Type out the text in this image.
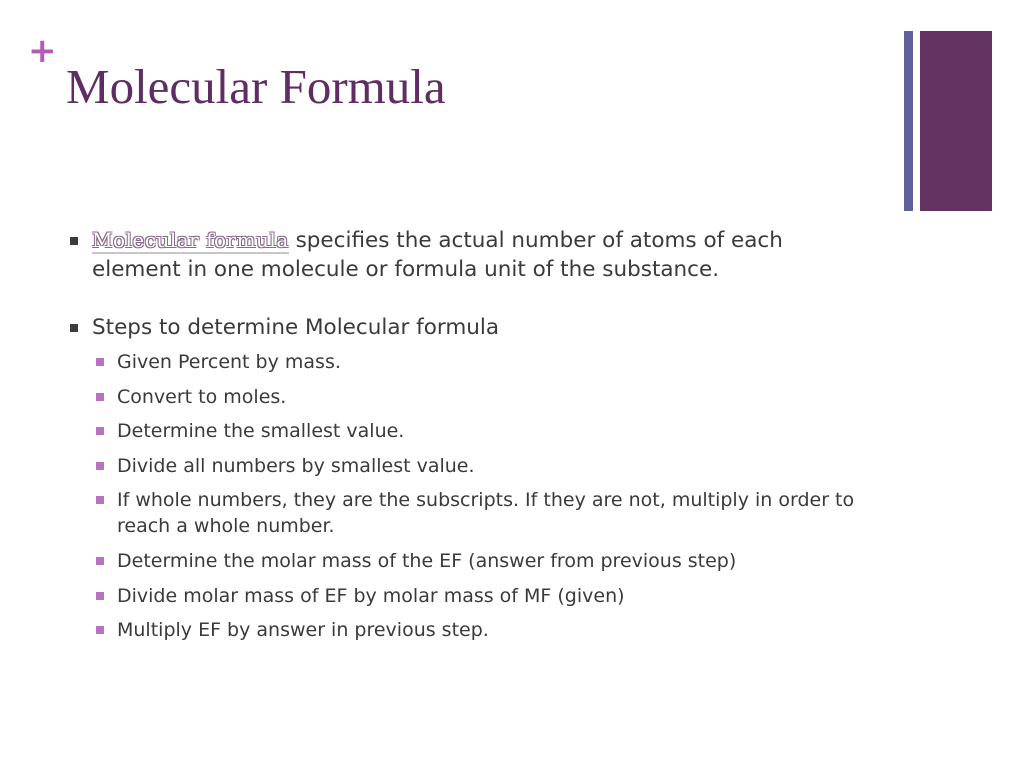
+
Molecular Formula
Molecular formula specifies the actual number of atoms of each element in one molecule or formula unit of the substance.
Steps to determine Molecular formula
Given Percent by mass.
Convert to moles.
Determine the smallest value.
Divide all numbers by smallest value.
If whole numbers, they are the subscripts. If they are not, multiply in order to reach a whole number.
Determine the molar mass of the EF (answer from previous step)
Divide molar mass of EF by molar mass of MF (given)
Multiply EF by answer in previous step.
